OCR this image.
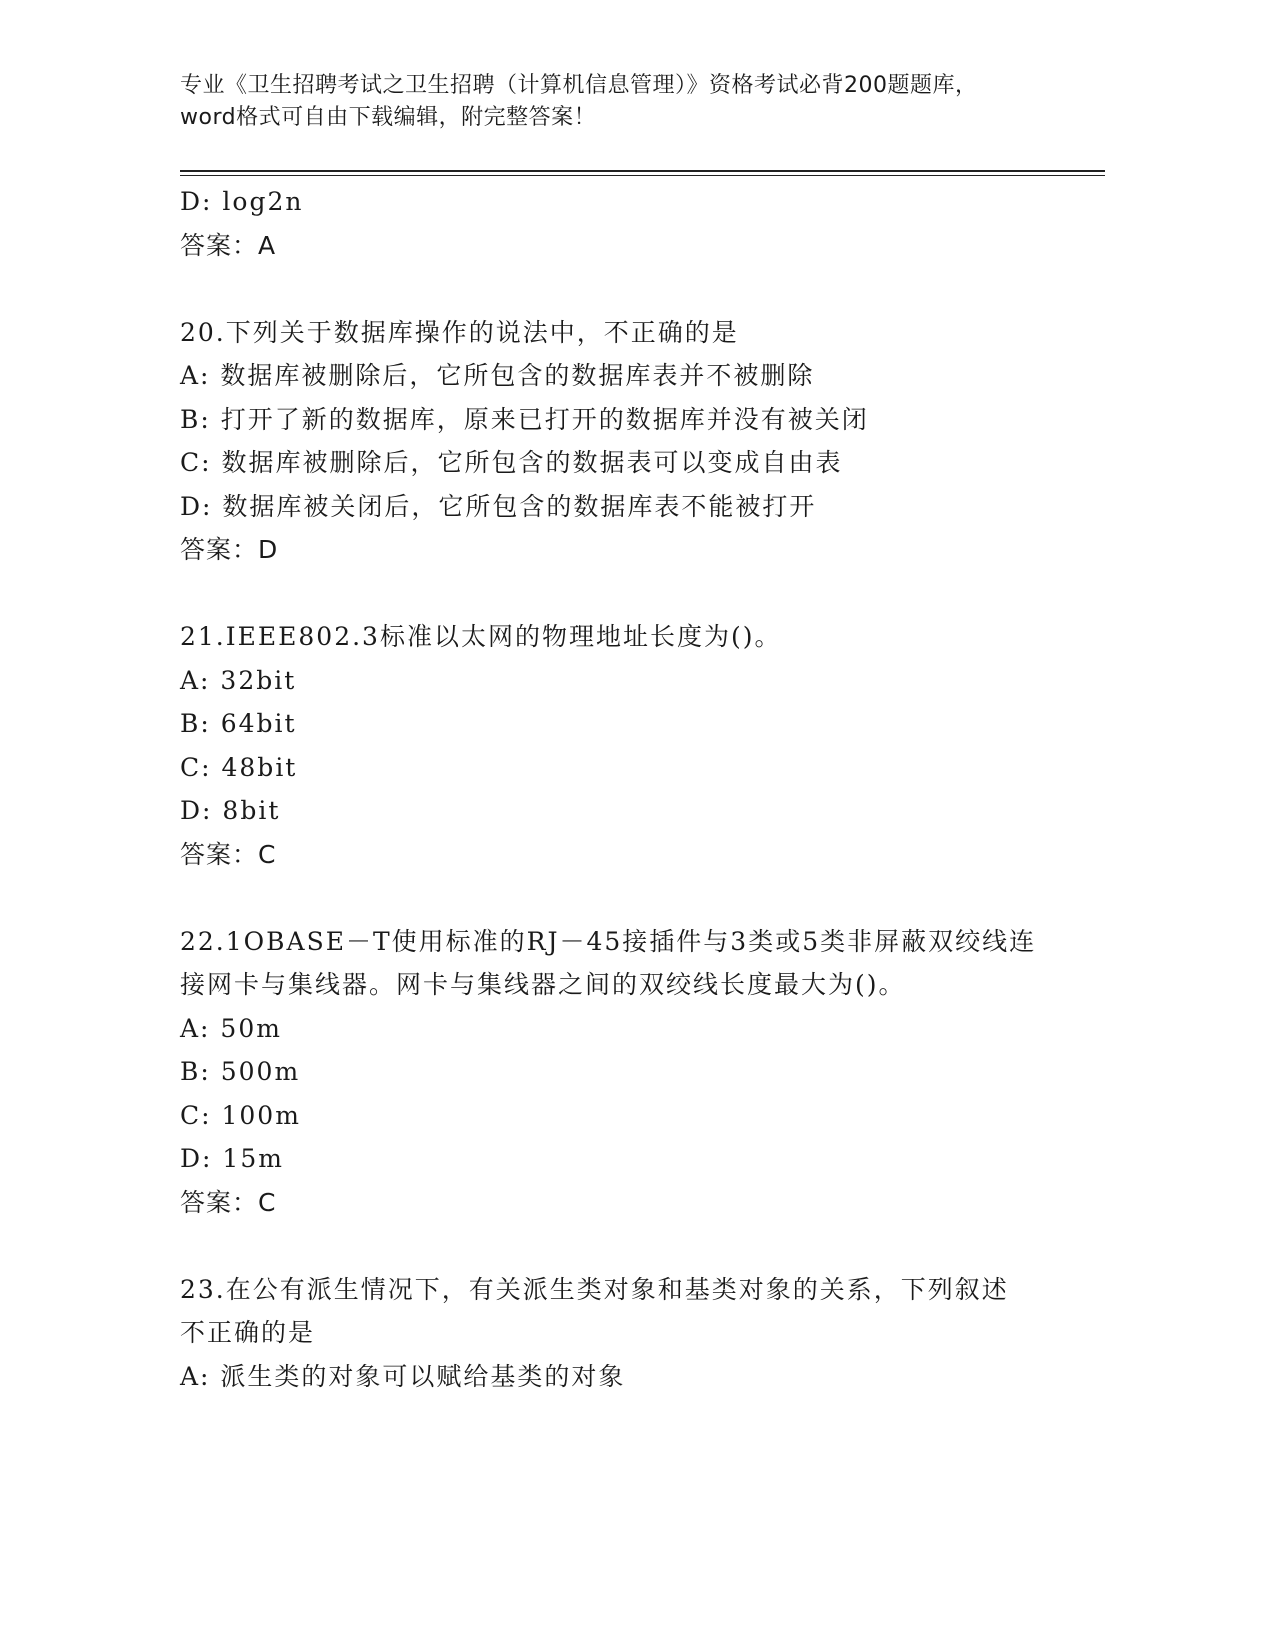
专业《卫生招聘考试之卫生招聘（计算机信息管理）》资格考试必背200题题库，
word格式可自由下载编辑，附完整答案！
D: log2n
答案：A
20.下列关于数据库操作的说法中，不正确的是
A: 数据库被删除后，它所包含的数据库表并不被删除
B: 打开了新的数据库，原来已打开的数据库并没有被关闭
C: 数据库被删除后，它所包含的数据表可以变成自由表
D: 数据库被关闭后，它所包含的数据库表不能被打开
答案：D
21.IEEE802.3标准以太网的物理地址长度为()。
A: 32bit
B: 64bit
C: 48bit
D: 8bit
答案：C
22.1OBASE－T使用标准的RJ－45接插件与3类或5类非屏蔽双绞线连
接网卡与集线器。网卡与集线器之间的双绞线长度最大为()。
A: 50m
B: 500m
C: 100m
D: 15m
答案：C
23.在公有派生情况下，有关派生类对象和基类对象的关系，下列叙述
不正确的是
A: 派生类的对象可以赋给基类的对象
